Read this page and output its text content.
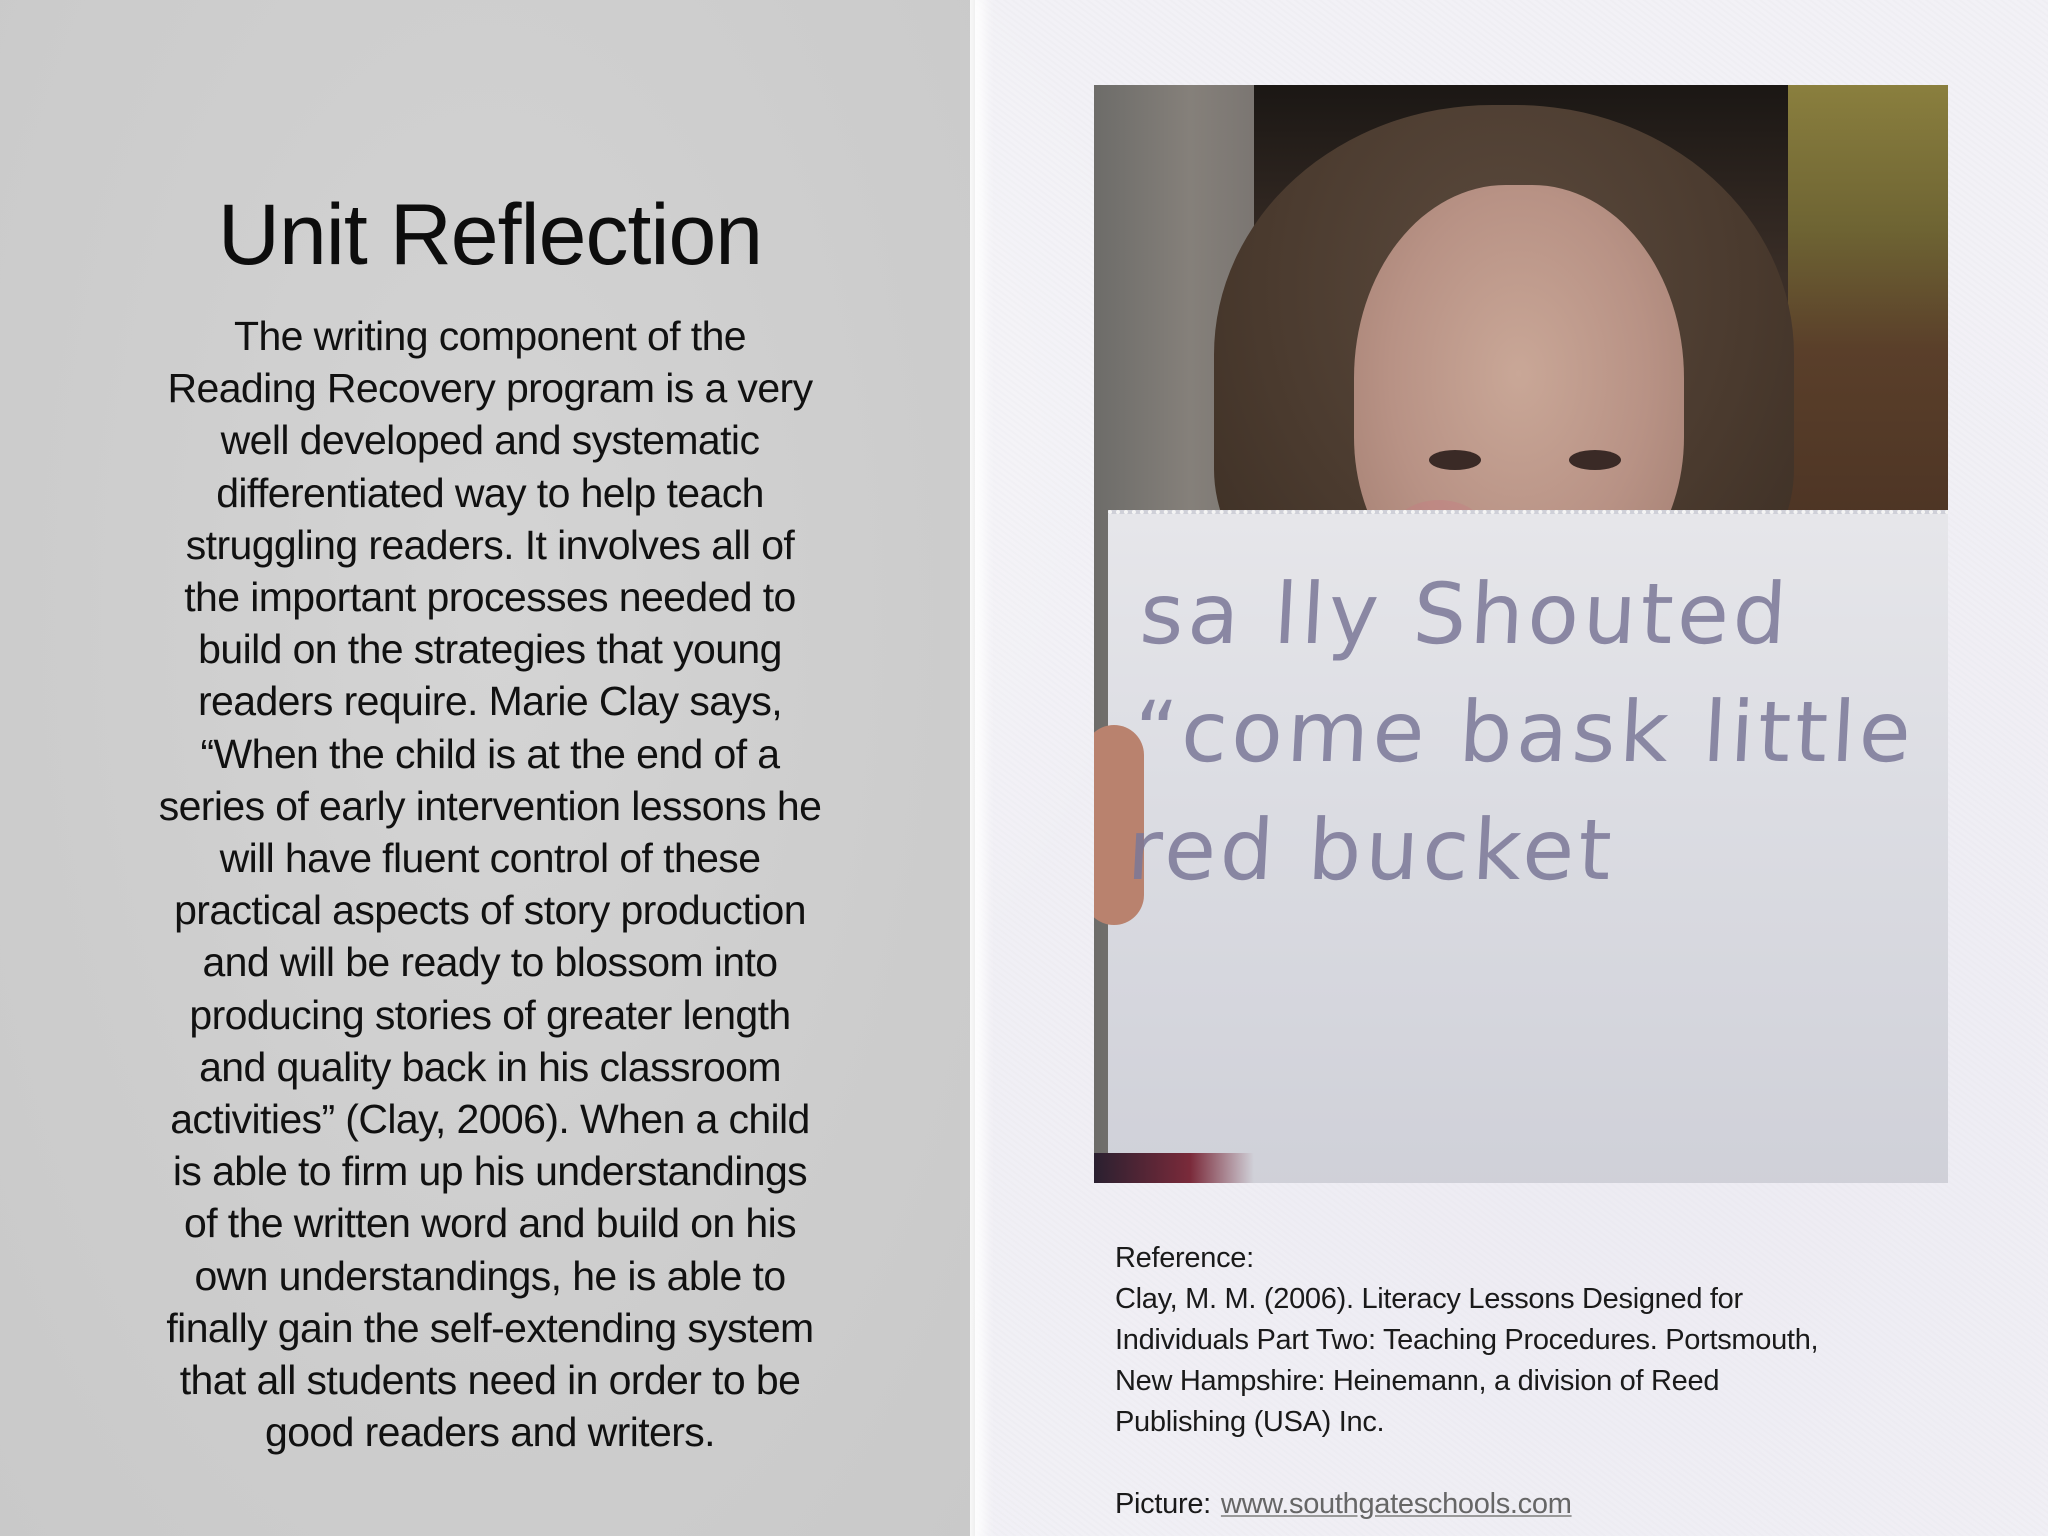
Unit Reflection
The writing component of the
Reading Recovery program is a very
well developed and systematic
differentiated way to help teach
struggling readers. It involves all of
the important processes needed to
build on the strategies that young
readers require. Marie Clay says,
“When the child is at the end of a
series of early intervention lessons he
will have fluent control of these
practical aspects of story production
and will be ready to blossom into
producing stories of greater length
and quality back in his classroom
activities” (Clay, 2006). When a child
is able to firm up his understandings
of the written word and build on his
own understandings, he is able to
finally gain the self-extending system
that all students need in order to be
good readers and writers.
sa lly Shouted
“come bask little
red bucket
Reference:
Clay, M. M. (2006). Literacy Lessons Designed for
Individuals Part Two: Teaching Procedures. Portsmouth,
New Hampshire: Heinemann, a division of Reed
Publishing (USA) Inc.
Picture: www.southgateschools.com
